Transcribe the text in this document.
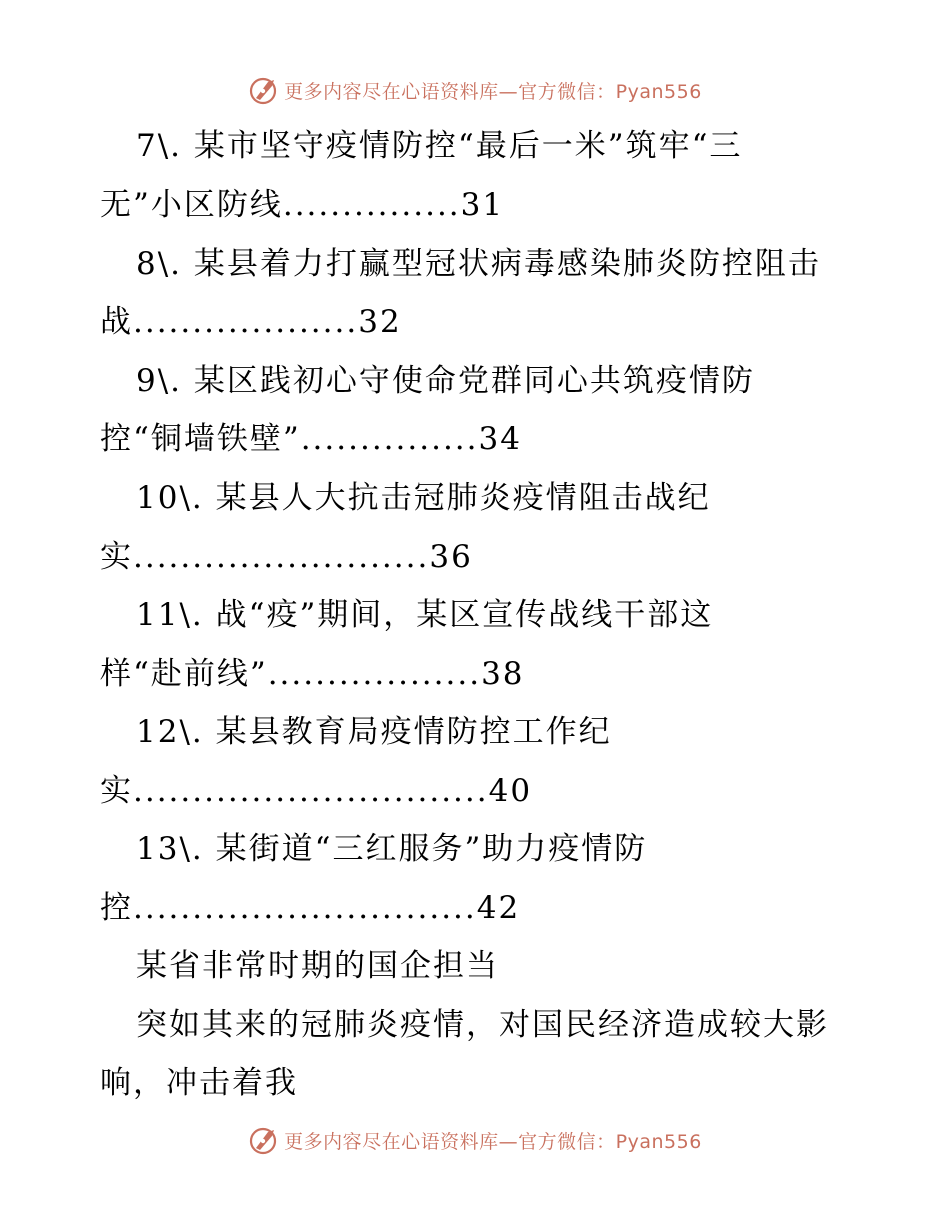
更多内容尽在心语资料库—官方微信：Pyan556
7\. 某市坚守疫情防控“最后一米”筑牢“三
无”小区防线...............31
8\. 某县着力打赢型冠状病毒感染肺炎防控阻击
战...................32
9\. 某区践初心守使命党群同心共筑疫情防
控“铜墙铁壁”...............34
10\. 某县人大抗击冠肺炎疫情阻击战纪
实.........................36
11\. 战“疫”期间，某区宣传战线干部这
样“赴前线”..................38
12\. 某县教育局疫情防控工作纪
实..............................40
13\. 某街道“三红服务”助力疫情防
控.............................42
某省非常时期的国企担当
突如其来的冠肺炎疫情，对国民经济造成较大影
响，冲击着我
更多内容尽在心语资料库—官方微信：Pyan556
